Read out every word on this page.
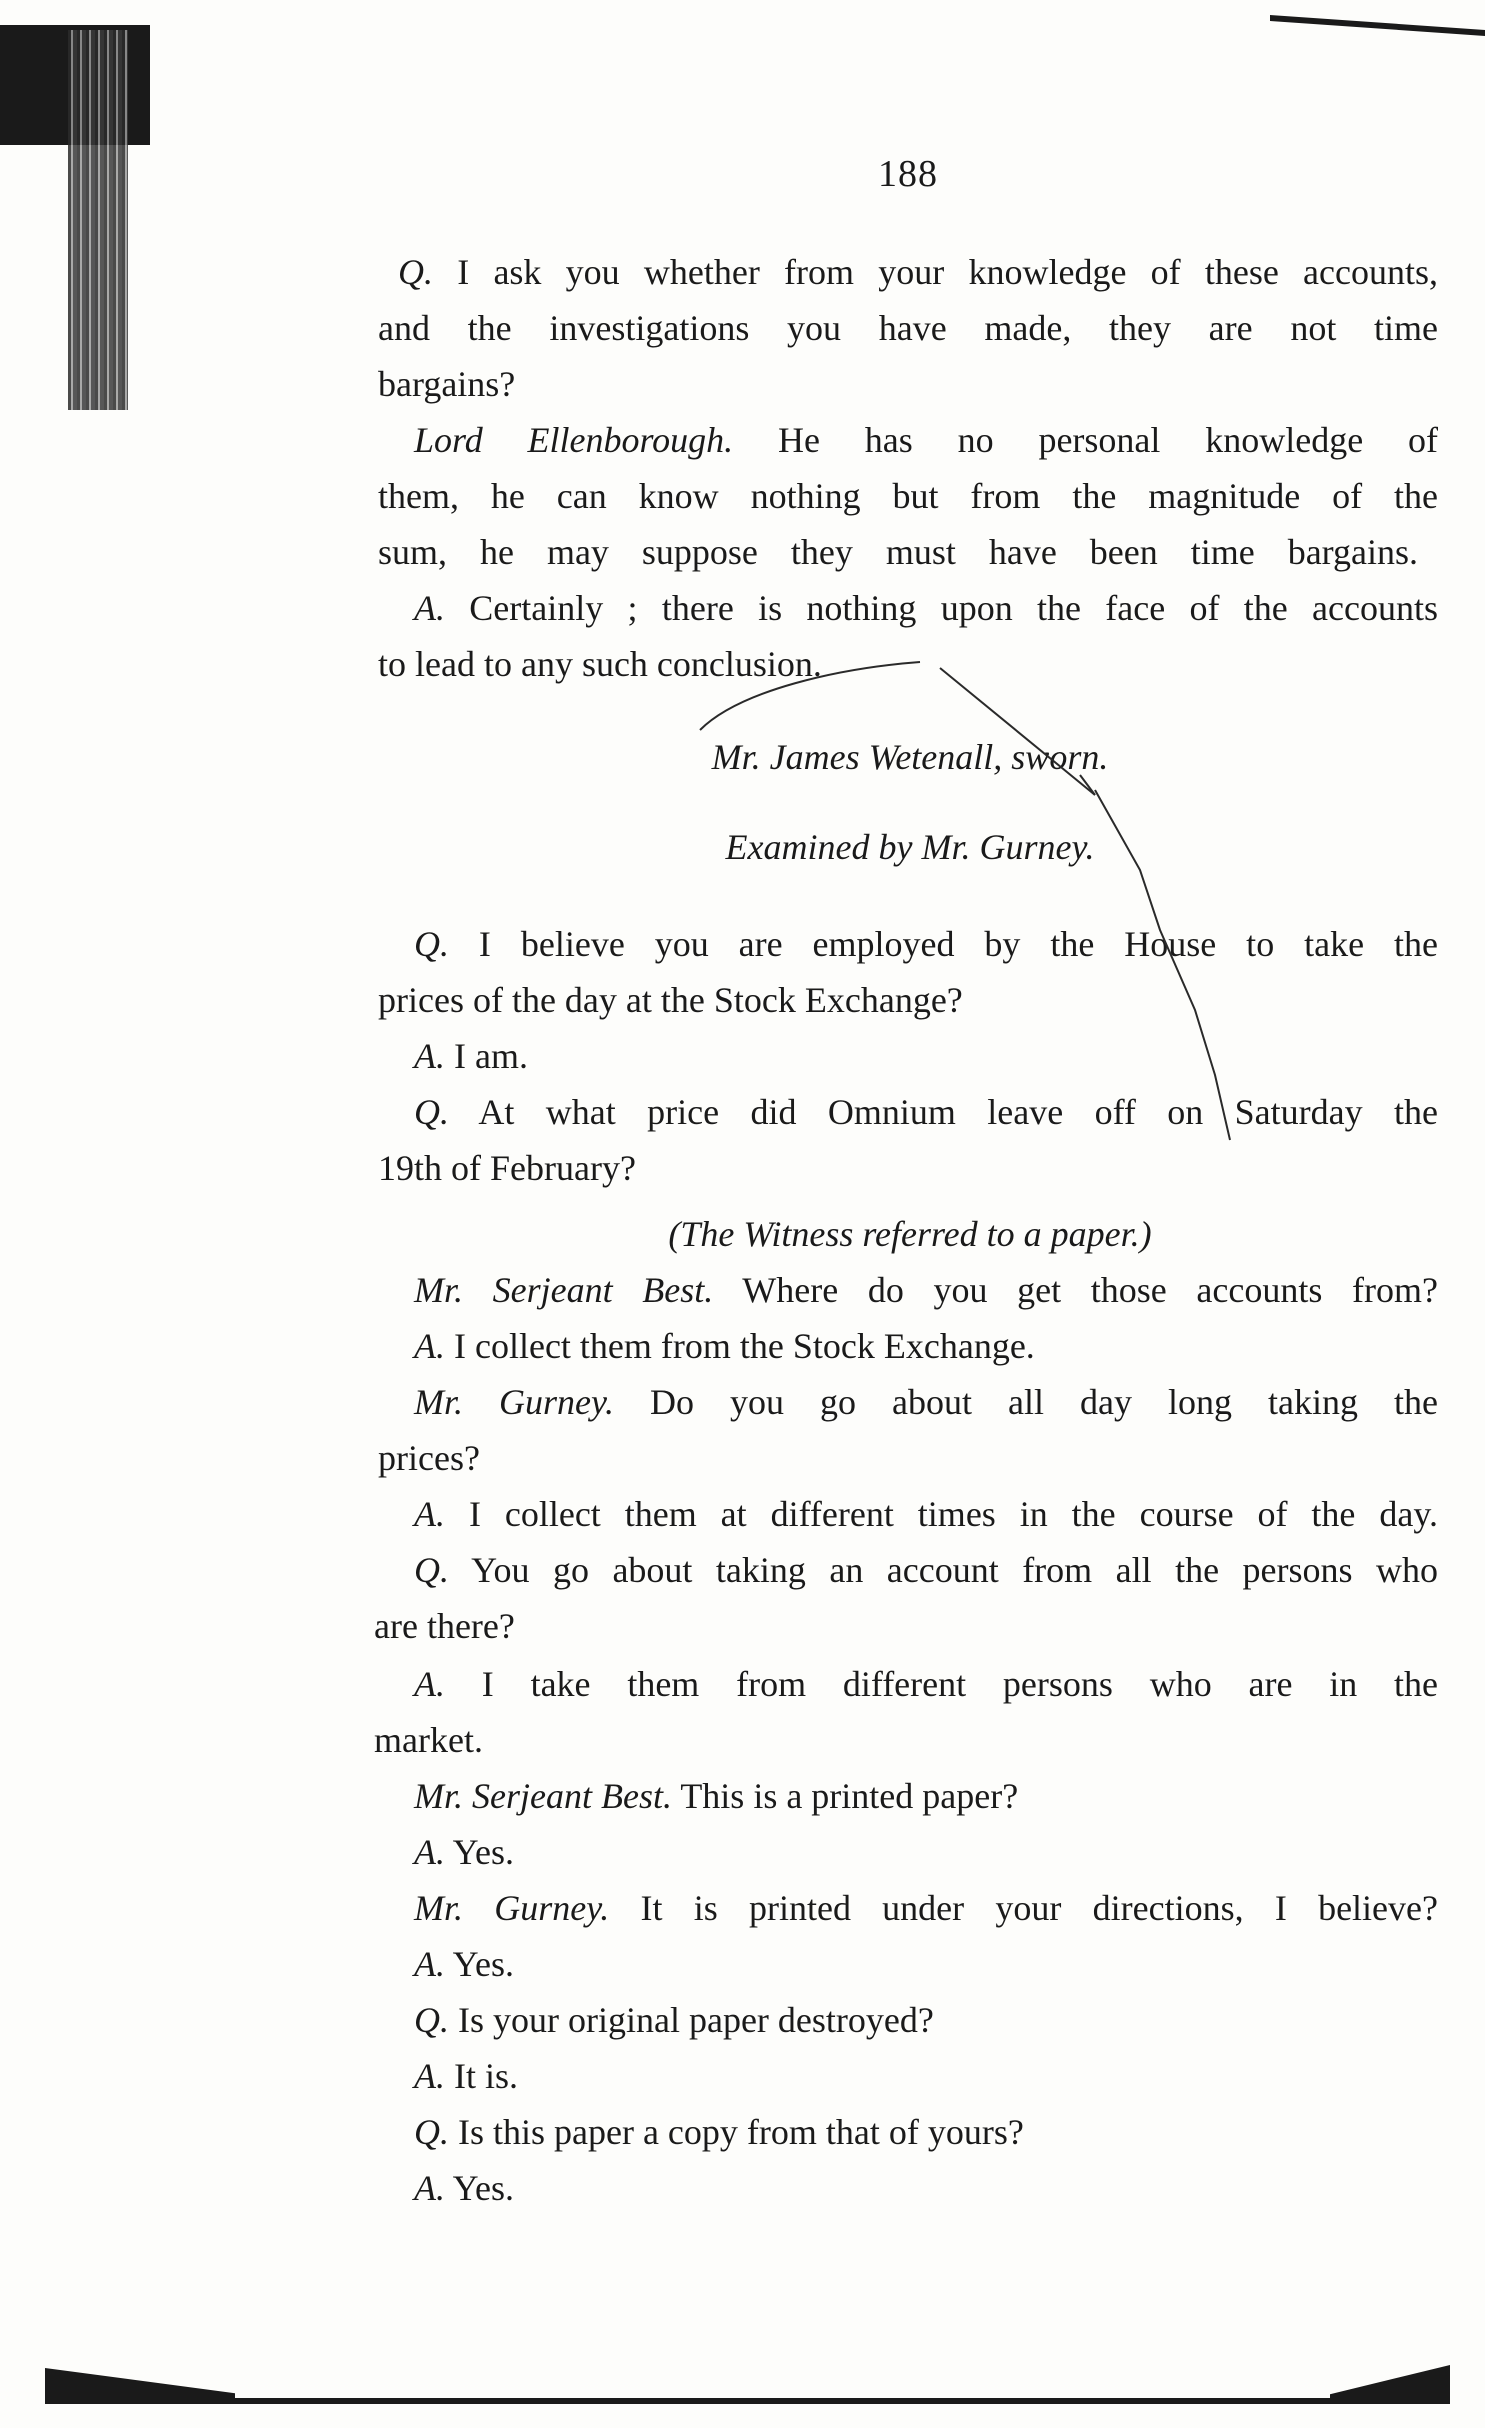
188
Q. I ask you whether from your knowledge of these accounts,
and the investigations you have made, they are not time
bargains?
Lord Ellenborough. He has no personal knowledge of
them, he can know nothing but from the magnitude of the
sum, he may suppose they must have been time bargains.
A. Certainly ; there is nothing upon the face of the accounts
to lead to any such conclusion.
Mr. James Wetenall, sworn.
Examined by Mr. Gurney.
Q. I believe you are employed by the House to take the
prices of the day at the Stock Exchange?
A. I am.
Q. At what price did Omnium leave off on Saturday the
19th of February?
(The Witness referred to a paper.)
Mr. Serjeant Best. Where do you get those accounts from?
A. I collect them from the Stock Exchange.
Mr. Gurney. Do you go about all day long taking the
prices?
A. I collect them at different times in the course of the day.
Q. You go about taking an account from all the persons who
are there?
A. I take them from different persons who are in the
market.
Mr. Serjeant Best. This is a printed paper?
A. Yes.
Mr. Gurney. It is printed under your directions, I believe?
A. Yes.
Q. Is your original paper destroyed?
A. It is.
Q. Is this paper a copy from that of yours?
A. Yes.
